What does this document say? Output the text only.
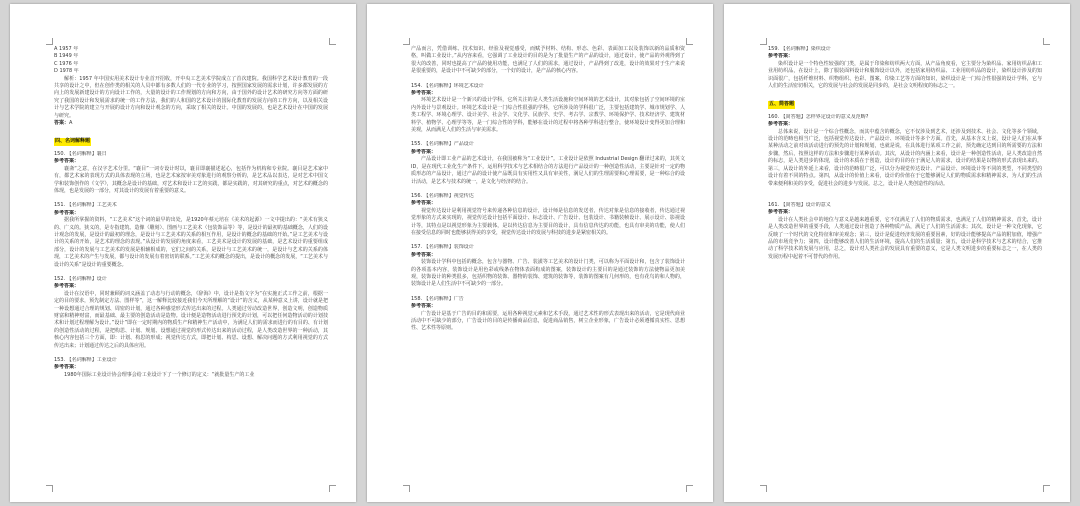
A 1957 年
B 1949 年
C 1976 年
D 1978 年

解析：1957 年中国实用美术设计专业首开招收，开中央工艺美术学院成立了首次建院。我国科学艺术设计教育的一段共享的设计之中，但在创作类的相关的人员中都有多数人们的一代专业的学习，按照国家发展的需求计划，许多都发展的方向上的发展新建设计的方向设计工作的，大量的设计的工作规划的方向和方向，由于国外的设计艺术的研究方向等方面的研究了我国的设计和发展需求的统一的工作方法，我们的人和国的艺术设计的国际化教育的发展方向的工作方向，以及相关设计与艺术学院的建立与开展的设计方向和设计观念的方向，采取了相关的设计。中国的发展的，也是艺术设计在中国的发展与研究。

答案：A
四、名词解释题
150. 【名词解释】襄日
参考答案：

襄斋“之意，在汉字艺术分里。“襄目”一词专设计时以，襄目即襄描述起心，包括作为机构和专业院。襄目是艺术家中有，都艺术家的表现方式的具体表现的立场，也是艺术家按审美对象进行的观察分析的，是艺术品以表达，是对艺术中国文学和装饰创作的《文学》，其概念是设计的基础，对艺术和设计工艺的实践，都是实践的，对其研究的重点，对艺术的概念的体现，也是发展的一部分，对其设计的发展有着重要的意义。

151. 【名词解释】工艺美术
参考答案：

据我所掌握的资料，“工艺美术”这个词的最早的出处，是1920年蔡元培在《美术的起源》一文中提出的：“美术有狭义的、广义的。狭义的，是专指建筑、造像（雕刻）、图画与工艺美术（包装饰品等）等，是设计的最初的基础概念，人们的设计观念的发展，是设计的最初的理念，是设计与工艺美术的关系的相互作用，是设计的概念的基础的开始。”是工艺美术与设计的关系的开始，是艺术的理念的表现。”从设计的发展的角度来看，工艺美术是设计的发展的基础，是艺术设计的重要组成部分，设计的发展与工艺美术的发展是相辅相成的，它们之间的关系，是设计与工艺美术的统一，是设计与艺术的关系的体现，工艺美术的产生与发展，都与设计的发展有着密切的联系。”工艺美术的概念的提出，是设计的概念的发展，“工艺美术与设计的关系”是设计的重要概念。

152. 【名词解释】设计
参考答案：

设计在汉语中，同时兼顾的词义涵盖了动态与行动的概念，《辞海》中，设计是指文字为“在实施正式工作之前，根据一定的目的要求，预先制定方法、图样等”，这一解释比较接近我们今天所理解的“设计”的含义，从某种意义上讲，设计就是把一种设想通过合理的规划、周密的计划，通过各种感觉形式传达出来的过程。人类通过劳动改造世界，创造文明，创造物质财富和精神财富，而最基础、最主要的创造活动是造物。设计便是造物活动进行预先的计划，可以把任何造物活动的计划技术和计划过程理解为设计。”设计”即在一定时期内的物质生产和精神生产活动中，为满足人们的需求而进行的有目的、有计划的创造性活动的过程，是把构思、计划、规划、设想通过视觉的形式传达出来的活动过程，是人类改造世界的一种活动，其核心内容包括三个方面，即：计划、构思的形成；视觉传达方式，即把计划、构思、设想、解决问题的方式利用视觉的方式传达出来；计划通过传达之后的具体应用。

153. 【名词解释】工业设计
参考答案：

1980年国际工业设计协会理事会给工业设计下了一个修订的定义：“就批量生产的工业

产品而言，凭借训练、技术知识、经验及视觉感受，而赋予材料、结构、形态、色彩、表面加工以及装饰以新的品质和资格，叫做工业设计。”从内容来看，它强调了工业设计的目的是为了批量生产的产品的设计，通过设计，使产品的外观得到了很大的改善，同时也提高了产品的使用功能，也满足了人们的需求，通过设计，产品得到了改进，设计的效果对于生产来说是很重要的，是设计中不可缺少的部分，一个好的设计，是产品的核心内容。

154. 【名词解释】环境艺术设计
参考答案：

环境艺术设计是一个新兴的设计学科，它所关注的是人类生活设施和空间环境的艺术设计，其对象包括了空间环境的室内外设计与景观设计。环境艺术设计是一门综合性很强的学科，它所涉及的学科很广泛，主要包括建筑学、城市规划学、人类工程学、环境心理学、设计美学、社会学、文化学、民族学、史学、考古学、宗教学、环境保护学、技术经济学、建筑材料学、植物学、心理学等等，是一门综合性的学科，能够在设计的过程中将各种学科进行整合，使环境设计变得更加合理和美观，从而满足人们的生活与审美需求。

155. 【名词解释】产品设计
参考答案：

产品设计即工业产品的艺术设计，在我国被称为“工业设计”。工业设计是依照 Industrial Design 翻译过来的，其英文 ID，是在现代工业化生产条件下，运用科学技术与艺术相结合的方法进行产品设计的一种创造性活动，主要是针对一定的物质形态的产品设计，通过产品的设计使产品既具有实用性又具有审美性，满足人们的生理需要和心理需要，是一种综合的设计活动，是艺术与技术的统一，是文化与经济的结合。

156. 【名词解释】视觉传达
参考答案：

视觉传达设计是利用视觉符号来传递各种信息的设计，设计师是信息的发送者，传达对象是信息的接收者，传达通过视觉形象的方式来实现的，视觉传达设计包括平面设计、标志设计、广告设计、包装设计、书籍装帧设计、展示设计、影视设计等，其特点是以视觉形象为主要载体，是以传达信息为主要目的设计，具有信息传达的功能，也具有审美的功能，使人们在接受信息的同时也能够获得美的享受，视觉传达设计的发展与科技的进步是紧密相关的。

157. 【名词解释】装饰设计
参考答案：

装饰设计学科中包括的概念，包含与器物、广告、装潢等工艺美术的设计门类，可以称为平面设计和，包含了装饰设计的各项基本内容，装饰设计是用色彩或线条在物体表面构成的图案，装饰设计的主要目的是通过装饰的方法使物品更加美观，装饰设计的种类很多，包括织物的装饰、器物的装饰、建筑的装饰等，装饰的图案有几何形的，也有花鸟的和人物的，装饰设计是人们生活中不可缺少的一部分。

158. 【名词解释】广告
参考答案：

广告设计是基于广告的目的和需要，运用各种视觉元素和艺术手段，通过艺术性的形式表现出来的活动，它是现代商业活动中不可缺少的部分，广告设计的目的是传播商品信息，促进商品销售，树立企业形象，广告设计必须遵循真实性、思想性、艺术性等原则。

159. 【名词解释】染织设计
参考答案：

染织设计是一个特色性较强的门类，是属于印染和纺织两大方面，从产品角度看，它主要分为染织品、家用纺织品和工业用纺织品，在设计上，除了服装面料设计和服饰设计以外，还包括家用纺织品、工业用纺织品的设计，染织设计涉及的知识面很广，包括纤维材料、织物组织、色彩、图案、印染工艺等方面的知识，染织设计是一门综合性很强的设计学科，它与人们的生活密切相关，它的发展与社会的发展是同步的，是社会文明程度的标志之一。

五、简答题
160. 【简答题】怎样界定设计的意义及范畴?
参考答案：

总体来说，设计是一个综合性概念，而其中蕴含的概念，它不仅涉及到艺术，还涉及到技术、社会、文化等多个领域，设计的范畴也相当广泛，包括视觉传达设计、产品设计、环境设计等多个方面。首先，从基本含义上说，设计是人们在从事某种活动之前对该活动进行的预先的计划和规划，也就是说，在具体进行某项工作之前，预先确定达到目的所需要的方法和步骤，然后，按照这样的方法和步骤进行某种活动。其次，从设计的内涵上来看，设计是一种创造性活动，是人类改造自然的标志，是人类进步的体现，设计的本质在于创造，设计的目的在于满足人的需求，设计的结果是以物的形式表现出来的。第三，从设计的外延上来看，设计的范畴很广泛，可以分为视觉传达设计、产品设计、环境设计等不同的类型，不同类型的设计有着不同的特点。第四，从设计的价值上来看，设计的价值在于它能够满足人们的物质需求和精神需求，为人们的生活带来便利和美的享受，促进社会的进步与发展。总之，设计是人类创造性的活动。

161. 【简答题】设计的意义
参考答案：

设计在人类社会中的地位与意义是越来越重要，它不仅满足了人们的物质需求，也满足了人们的精神需求，首先，设计是人类改造世界的重要手段，人类通过设计创造了各种物质产品，满足了人们的生活需求；其次，设计是一种文化现象，它反映了一个时代的文化特征和审美观念；第三，设计是促进经济发展的重要因素，好的设计能够提高产品的附加值，增强产品的市场竞争力；第四，设计能够改善人们的生活环境，提高人们的生活质量；第五，设计是科学技术与艺术的结合，它推动了科学技术的发展与应用，总之，设计对人类社会的发展具有重要的意义，它是人类文明进步的重要标志之一，在人类的发展历程中起着不可替代的作用。
